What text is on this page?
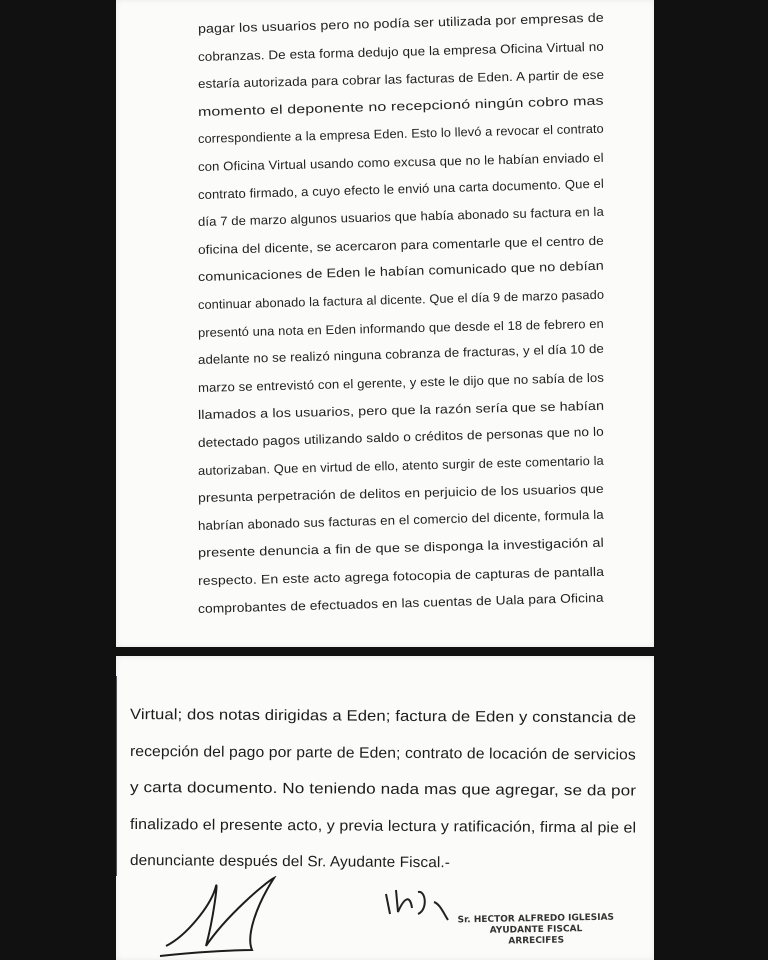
pagar los usuarios pero no podía ser utilizada por empresas de
cobranzas. De esta forma dedujo que la empresa Oficina Virtual no
estaría autorizada para cobrar las facturas de Eden. A partir de ese
momento el deponente no recepcionó ningún cobro mas
correspondiente a la empresa Eden. Esto lo llevó a revocar el contrato
con Oficina Virtual usando como excusa que no le habían enviado el
contrato firmado, a cuyo efecto le envió una carta documento. Que el
día 7 de marzo algunos usuarios que había abonado su factura en la
oficina del dicente, se acercaron para comentarle que el centro de
comunicaciones de Eden le habían comunicado que no debían
continuar abonado la factura al dicente. Que el día 9 de marzo pasado
presentó una nota en Eden informando que desde el 18 de febrero en
adelante no se realizó ninguna cobranza de fracturas, y el día 10 de
marzo se entrevistó con el gerente, y este le dijo que no sabía de los
llamados a los usuarios, pero que la razón sería que se habían
detectado pagos utilizando saldo o créditos de personas que no lo
autorizaban. Que en virtud de ello, atento surgir de este comentario la
presunta perpetración de delitos en perjuicio de los usuarios que
habrían abonado sus facturas en el comercio del dicente, formula la
presente denuncia a fin de que se disponga la investigación al
respecto. En este acto agrega fotocopia de capturas de pantalla
comprobantes de efectuados en las cuentas de Uala para Oficina
Virtual; dos notas dirigidas a Eden; factura de Eden y constancia de
recepción del pago por parte de Eden; contrato de locación de servicios
y carta documento. No teniendo nada mas que agregar, se da por
finalizado el presente acto, y previa lectura y ratificación, firma al pie el
denunciante después del Sr. Ayudante Fiscal.-
Sr. HECTOR ALFREDO IGLESIAS
AYUDANTE FISCAL
ARRECIFES
